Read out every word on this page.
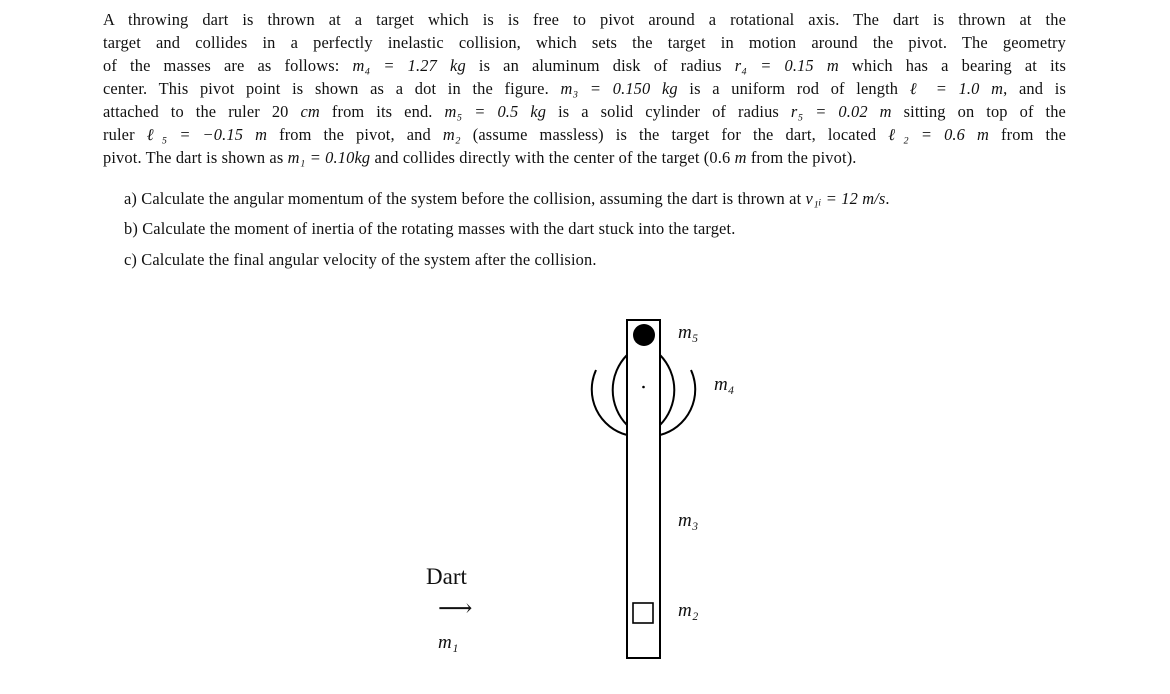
A throwing dart is thrown at a target which is is free to pivot around a rotational axis. The dart is thrown at the
target and collides in a perfectly inelastic collision, which sets the target in motion around the pivot. The geometry
of the masses are as follows: m₄ = 1.27 kg is an aluminum disk of radius r₄ = 0.15 m which has a bearing at its
center. This pivot point is shown as a dot in the figure. m₃ = 0.150 kg is a uniform rod of length ℓ = 1.0 m, and is
attached to the ruler 20 cm from its end. m₅ = 0.5 kg is a solid cylinder of radius r₅ = 0.02 m sitting on top of the
ruler ℓ₅ = −0.15 m from the pivot, and m₂ (assume massless) is the target for the dart, located ℓ₂ = 0.6 m from the
pivot. The dart is shown as m₁ = 0.10kg and collides directly with the center of the target (0.6 m from the pivot).
a) Calculate the angular momentum of the system before the collision, assuming the dart is thrown at v₁ᵢ = 12 m/s.
b) Calculate the moment of inertia of the rotating masses with the dart stuck into the target.
c) Calculate the final angular velocity of the system after the collision.
m₅
m₄
m₃
m₂
Dart
⟶
m₁
